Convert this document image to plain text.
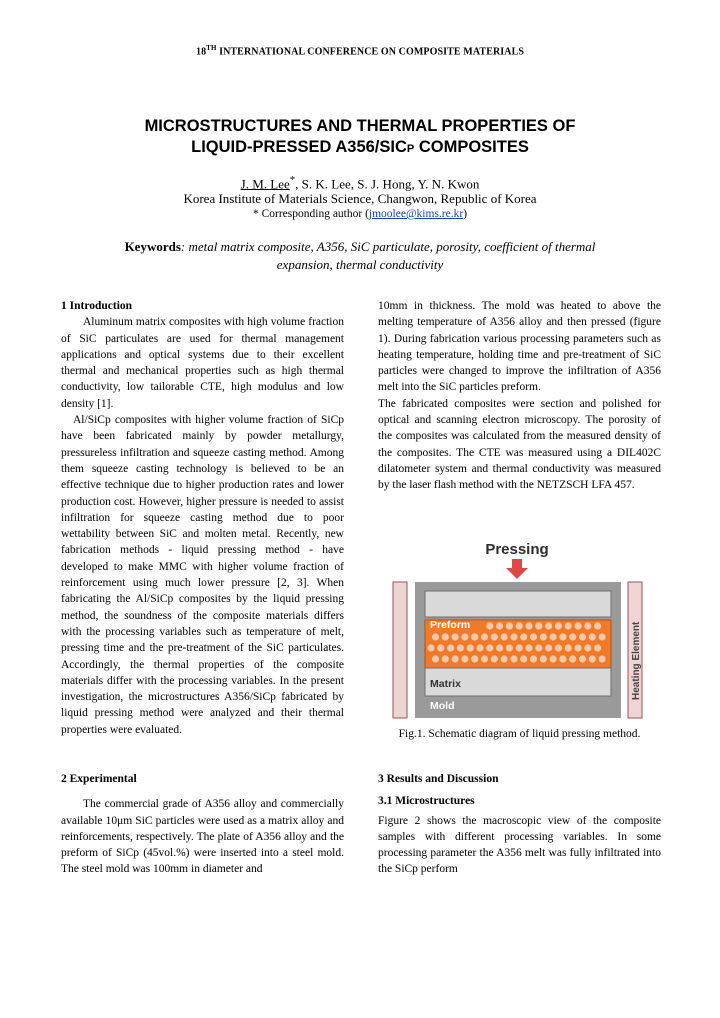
18TH INTERNATIONAL CONFERENCE ON COMPOSITE MATERIALS
MICROSTRUCTURES AND THERMAL PROPERTIES OF
LIQUID-PRESSED A356/SICP COMPOSITES
J. M. Lee*, S. K. Lee, S. J. Hong, Y. N. Kwon
Korea Institute of Materials Science, Changwon, Republic of Korea
* Corresponding author (jmoolee@kims.re.kr)
Keywords: metal matrix composite, A356, SiC particulate, porosity, coefficient of thermal expansion, thermal conductivity

1 Introduction

Aluminum matrix composites with high volume fraction of SiC particulates are used for thermal management applications and optical systems due to their excellent thermal and mechanical properties such as high thermal conductivity, low tailorable CTE, high modulus and low density [1].

Al/SiCp composites with higher volume fraction of SiCp have been fabricated mainly by powder metallurgy, pressureless infiltration and squeeze casting method. Among them squeeze casting technology is believed to be an effective technique due to higher production rates and lower production cost. However, higher pressure is needed to assist infiltration for squeeze casting method due to poor wettability between SiC and molten metal. Recently, new fabrication methods - liquid pressing method - have developed to make MMC with higher volume fraction of reinforcement using much lower pressure [2, 3]. When fabricating the Al/SiCp composites by the liquid pressing method, the soundness of the composite materials differs with the processing variables such as temperature of melt, pressing time and the pre-treatment of the SiC particulates. Accordingly, the thermal properties of the composite materials differ with the processing variables. In the present investigation, the microstructures A356/SiCp fabricated by liquid pressing method were analyzed and their thermal properties were evaluated.

2 Experimental

The commercial grade of A356 alloy and commercially available 10μm SiC particles were used as a matrix alloy and reinforcements, respectively. The plate of A356 alloy and the preform of SiCp (45vol.%) were inserted into a steel mold. The steel mold was 100mm in diameter and

10mm in thickness. The mold was heated to above the melting temperature of A356 alloy and then pressed (figure 1). During fabrication various processing parameters such as heating temperature, holding time and pre-treatment of SiC particles were changed to improve the infiltration of A356 melt into the SiC particles preform.

The fabricated composites were section and polished for optical and scanning electron microscopy. The porosity of the composites was calculated from the measured density of the composites. The CTE was measured using a DIL402C dilatometer system and thermal conductivity was measured by the laser flash method with the NETZSCH LFA 457.

Pressing
Preform
Matrix
Mold
Heating Element
Fig.1. Schematic diagram of liquid pressing method.

3 Results and Discussion

3.1 Microstructures

Figure 2 shows the macroscopic view of the composite samples with different processing variables. In some processing parameter the A356 melt was fully infiltrated into the SiCp perform
